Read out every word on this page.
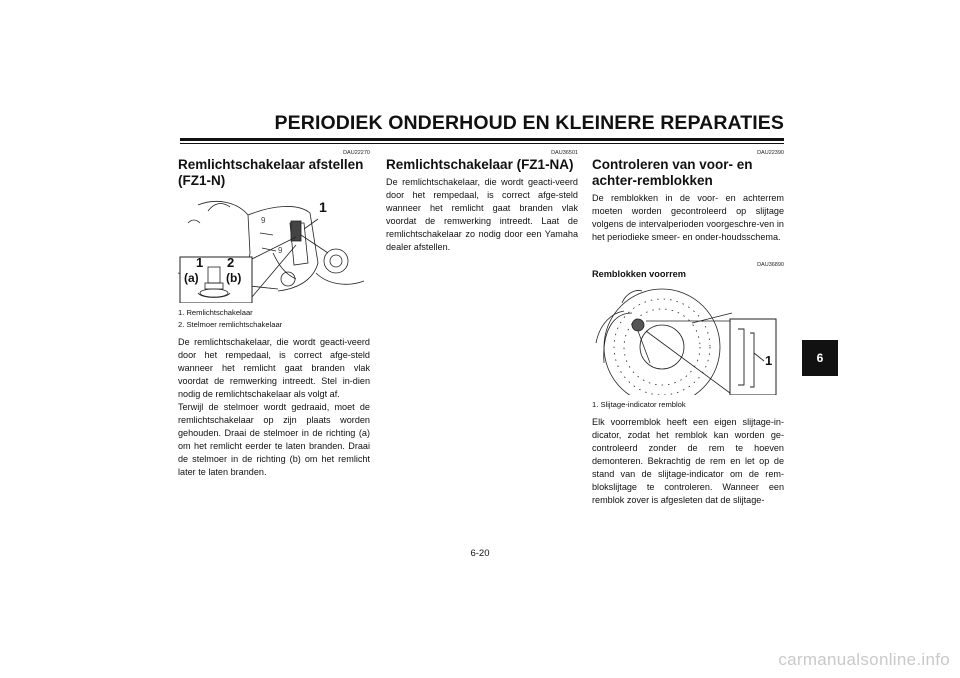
PERIODIEK ONDERHOUD EN KLEINERE REPARATIES
DAU22270
Remlichtschakelaar afstellen (FZ1-N)
9
9
1
1 2
(a) (b)
1. Remlichtschakelaar
2. Stelmoer remlichtschakelaar

De remlichtschakelaar, die wordt geacti-veerd door het rempedaal, is correct afge-steld wanneer het remlicht gaat branden vlak voordat de remwerking intreedt. Stel in-dien nodig de remlichtschakelaar als volgt af.

Terwijl de stelmoer wordt gedraaid, moet de remlichtschakelaar op zijn plaats worden gehouden. Draai de stelmoer in de richting (a) om het remlicht eerder te laten branden. Draai de stelmoer in de richting (b) om het remlicht later te laten branden.

DAU36501
Remlichtschakelaar (FZ1-NA)

De remlichtschakelaar, die wordt geacti-veerd door het rempedaal, is correct afge-steld wanneer het remlicht gaat branden vlak voordat de remwerking intreedt. Laat de remlichtschakelaar zo nodig door een Yamaha dealer afstellen.

DAU22390
Controleren van voor- en achter-remblokken

De remblokken in de voor- en achterrem moeten worden gecontroleerd op slijtage volgens de intervalperioden voorgeschre-ven in het periodieke smeer- en onder-houdsschema.

DAU36890
Remblokken voorrem
1
1. Slijtage-indicator remblok

Elk voorremblok heeft een eigen slijtage-in-dicator, zodat het remblok kan worden ge-controleerd zonder de rem te hoeven demonteren. Bekrachtig de rem en let op de stand van de slijtage-indicator om de rem-blokslijtage te controleren. Wanneer een remblok zover is afgesleten dat de slijtage-

6
6-20
carmanualsonline.info
